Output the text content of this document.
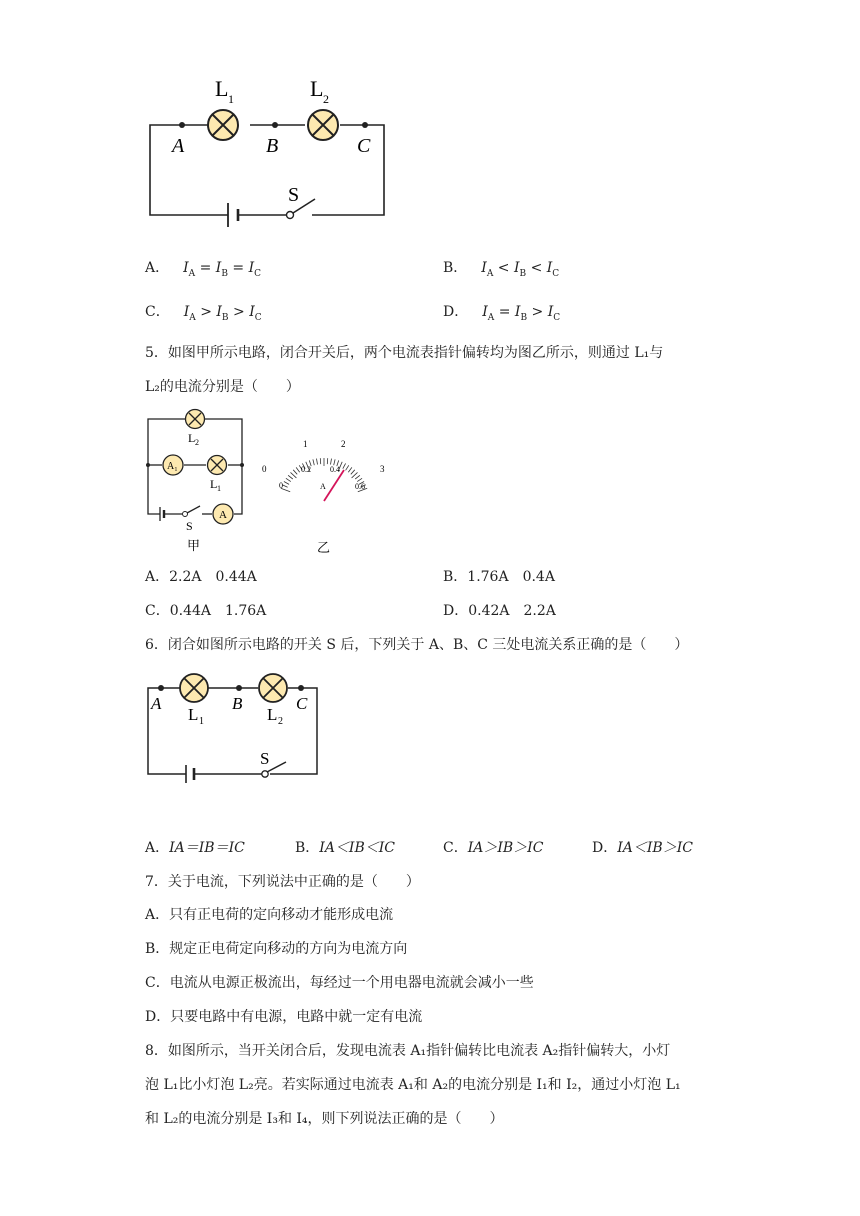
L 1	L 2
A	B	C
S
A． $I_A = I_B = I_C$	B． $I_A < I_B < I_C$
C． $I_A > I_B > I_C$	D． $I_A = I_B > I_C$
5．如图甲所示电路，闭合开关后，两个电流表指针偏转均为图乙所示，则通过 L₁与
L₂的电流分别是（　　）
A₁
A
L 2
L 1
S
甲
0
1	2
3
0
0.2 0.4
0.6
A
乙
A．2.2A　0.44A	B．1.76A　0.4A
C．0.44A　1.76A	D．0.42A　2.2A
6．闭合如图所示电路的开关 S 后，下列关于 A、B、C 三处电流关系正确的是（　　）
A	B	C
L 1	L 2
S
A．IA＝IB＝IC	B．IA＜IB＜IC	C．IA＞IB＞IC	D．IA＜IB＞IC
7．关于电流，下列说法中正确的是（　　）
A．只有正电荷的定向移动才能形成电流
B．规定正电荷定向移动的方向为电流方向
C．电流从电源正极流出，每经过一个用电器电流就会减小一些
D．只要电路中有电源，电路中就一定有电流
8．如图所示，当开关闭合后，发现电流表 A₁指针偏转比电流表 A₂指针偏转大，小灯
泡 L₁比小灯泡 L₂亮。若实际通过电流表 A₁和 A₂的电流分别是 I₁和 I₂，通过小灯泡 L₁
和 L₂的电流分别是 I₃和 I₄，则下列说法正确的是（　　）
